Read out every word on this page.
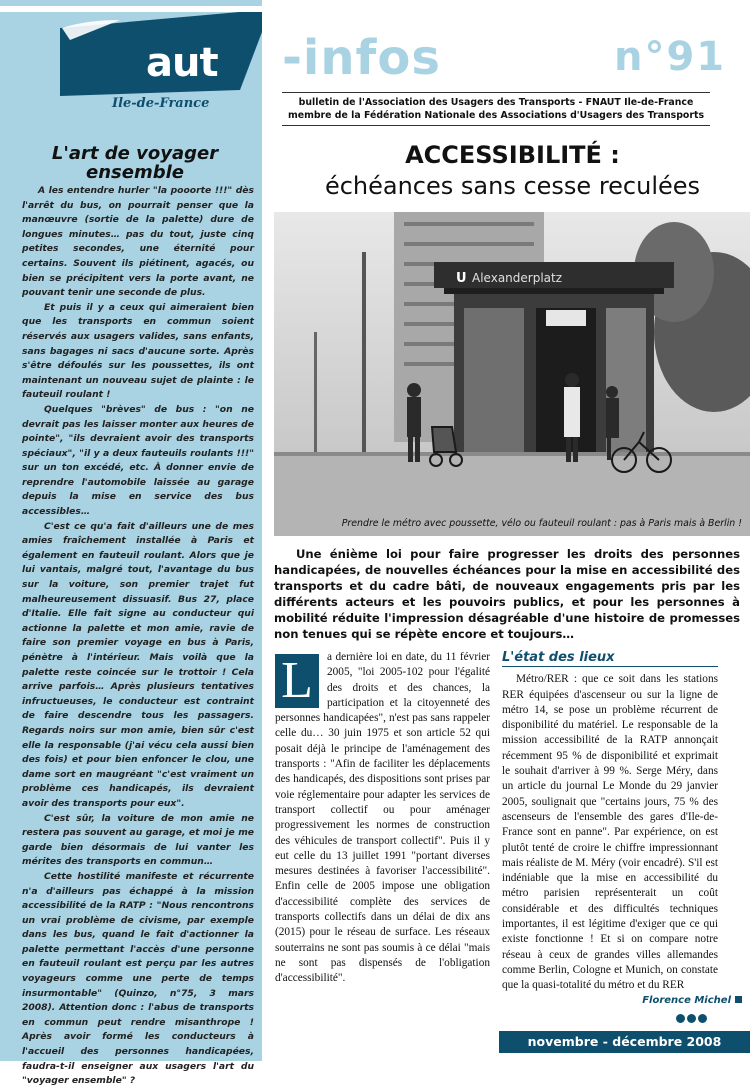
aut
Ile-de-France
-infos	n°91
bulletin de l'Association des Usagers des Transports - FNAUT Ile-de-France
membre de la Fédération Nationale des Associations d'Usagers des Transports
L'art de voyager ensemble

A les entendre hurler "la pooorte !!!" dès l'arrêt du bus, on pourrait penser que la manœuvre (sortie de la palette) dure de longues minutes… pas du tout, juste cinq petites secondes, une éternité pour certains. Souvent ils piétinent, agacés, ou bien se précipitent vers la porte avant, ne pouvant tenir une seconde de plus.

Et puis il y a ceux qui aimeraient bien que les transports en commun soient réservés aux usagers valides, sans enfants, sans bagages ni sacs d'aucune sorte. Après s'être défoulés sur les poussettes, ils ont maintenant un nouveau sujet de plainte : le fauteuil roulant !

Quelques "brèves" de bus : "on ne devrait pas les laisser monter aux heures de pointe", "ils devraient avoir des transports spéciaux", "il y a deux fauteuils roulants !!!" sur un ton excédé, etc. À donner envie de reprendre l'automobile laissée au garage depuis la mise en service des bus accessibles…

C'est ce qu'a fait d'ailleurs une de mes amies fraîchement installée à Paris et également en fauteuil roulant. Alors que je lui vantais, malgré tout, l'avantage du bus sur la voiture, son premier trajet fut malheureusement dissuasif. Bus 27, place d'Italie. Elle fait signe au conducteur qui actionne la palette et mon amie, ravie de faire son premier voyage en bus à Paris, pénètre à l'intérieur. Mais voilà que la palette reste coincée sur le trottoir ! Cela arrive parfois… Après plusieurs tentatives infructueuses, le conducteur est contraint de faire descendre tous les passagers. Regards noirs sur mon amie, bien sûr c'est elle la responsable (j'ai vécu cela aussi bien des fois) et pour bien enfoncer le clou, une dame sort en maugréant "c'est vraiment un problème ces handicapés, ils devraient avoir des transports pour eux".

C'est sûr, la voiture de mon amie ne restera pas souvent au garage, et moi je me garde bien désormais de lui vanter les mérites des transports en commun…

Cette hostilité manifeste et récurrente n'a d'ailleurs pas échappé à la mission accessibilité de la RATP : "Nous rencontrons un vrai problème de civisme, par exemple dans les bus, quand le fait d'actionner la palette permettant l'accès d'une personne en fauteuil roulant est perçu par les autres voyageurs comme une perte de temps insurmontable" (Quinzo, n°75, 3 mars 2008). Attention donc : l'abus de transports en commun peut rendre misanthrope ! Après avoir formé les conducteurs à l'accueil des personnes handicapées, faudra-t-il enseigner aux usagers l'art du "voyager ensemble" ?

Florence Michel
ACCESSIBILITÉ :
échéances sans cesse reculées
U Alexanderplatz
Prendre le métro avec poussette, vélo ou fauteuil roulant : pas à Paris mais à Berlin !
Une énième loi pour faire progresser les droits des personnes handicapées, de nouvelles échéances pour la mise en accessibilité des transports et du cadre bâti, de nouveaux engagements pris par les différents acteurs et les pouvoirs publics, et pour les personnes à mobilité réduite l'impression désagréable d'une histoire de promesses non tenues qui se répète encore et toujours…
L	a dernière loi en date, du 11 février 2005, "loi 2005-102 pour l'égalité des droits et des chances, la participation et la citoyenneté des personnes handicapées", n'est pas sans rappeler celle du… 30 juin 1975 et son article 52 qui posait déjà le principe de l'aménagement des transports : "Afin de faciliter les déplacements des handicapés, des dispositions sont prises par voie réglementaire pour adapter les services de transport collectif ou pour aménager progressivement les normes de construction des véhicules de transport collectif". Puis il y eut celle du 13 juillet 1991 "portant diverses mesures destinées à favoriser l'accessibilité". Enfin celle de 2005 impose une obligation d'accessibilité complète des services de transports collectifs dans un délai de dix ans (2015) pour le réseau de surface. Les réseaux souterrains ne sont pas soumis à ce délai "mais ne sont pas dispensés de l'obligation d'accessibilité".
L'état des lieux
Métro/RER : que ce soit dans les stations RER équipées d'ascenseur ou sur la ligne de métro 14, se pose un problème récurrent de disponibilité du matériel. Le responsable de la mission accessibilité de la RATP annonçait récemment 95 % de disponibilité et exprimait le souhait d'arriver à 99 %. Serge Méry, dans un article du journal Le Monde du 29 janvier 2005, soulignait que "certains jours, 75 % des ascenseurs de l'ensemble des gares d'Ile-de-France sont en panne". Par expérience, on est plutôt tenté de croire le chiffre impressionnant mais réaliste de M. Méry (voir encadré). S'il est indéniable que la mise en accessibilité du métro parisien représenterait un coût considérable et des difficultés techniques importantes, il est légitime d'exiger que ce qui existe fonctionne ! Et si on compare notre réseau à ceux de grandes villes allemandes comme Berlin, Cologne et Munich, on constate que la quasi-totalité du métro et du RER
novembre - décembre 2008
